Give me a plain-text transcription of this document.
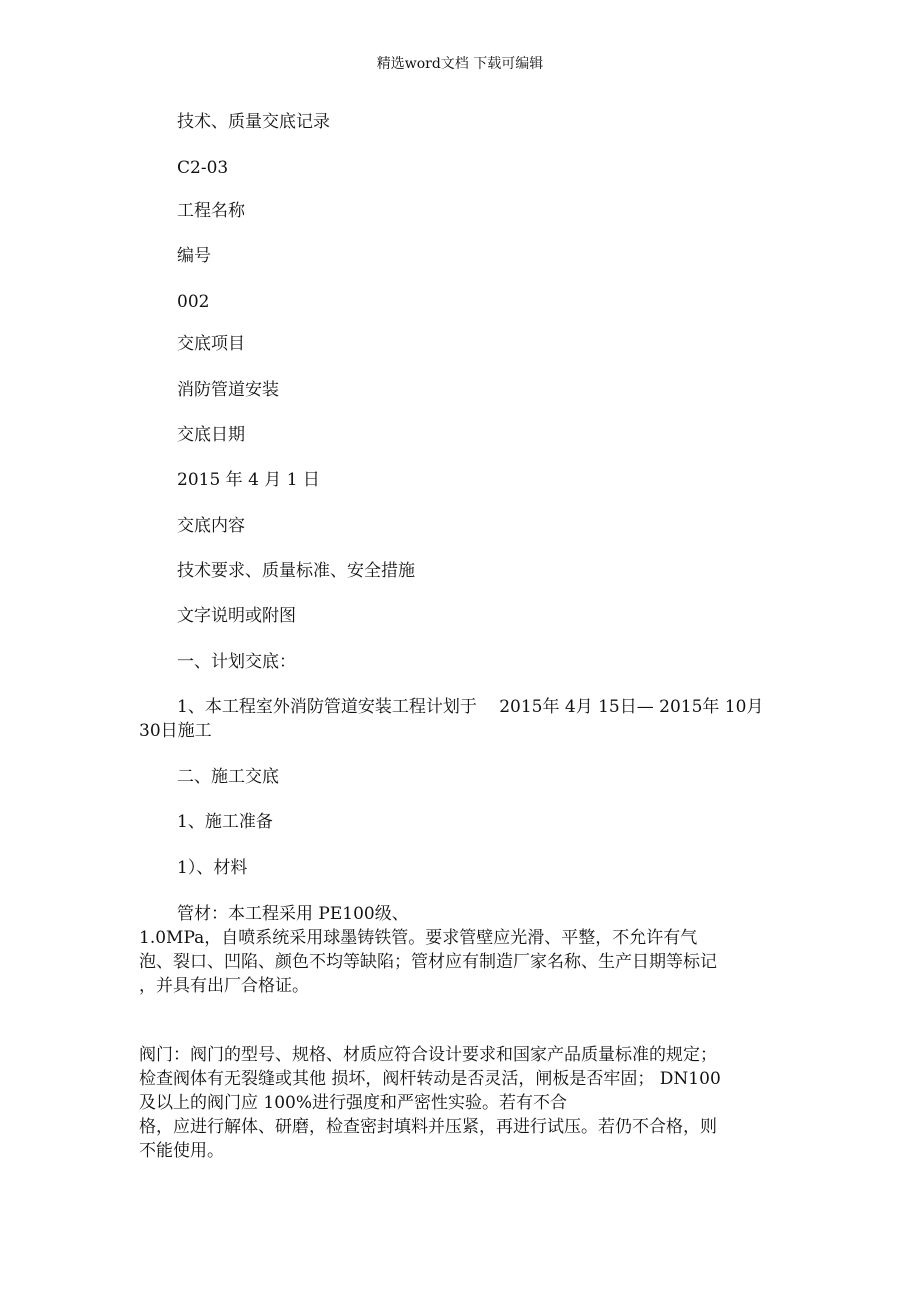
精选word文档 下载可编辑
技术、质量交底记录
C2-03
工程名称
编号
002
交底项目
消防管道安装
交底日期
2015 年 4 月 1 日
交底内容
技术要求、质量标准、安全措施
文字说明或附图
一、计划交底：
1、本工程室外消防管道安装工程计划于　 2015年 4月 15日— 2015年 10月
30日施工
二、施工交底
1、施工准备
1）、材料
管材：本工程采用 PE100级、
1.0MPa，自喷系统采用球墨铸铁管。要求管壁应光滑、平整，不允许有气
泡、裂口、凹陷、颜色不均等缺陷；管材应有制造厂家名称、生产日期等标记
，并具有出厂合格证。
阀门：阀门的型号、规格、材质应符合设计要求和国家产品质量标准的规定；
检查阀体有无裂缝或其他 损坏，阀杆转动是否灵活，闸板是否牢固； DN100
及以上的阀门应 100%进行强度和严密性实验。若有不合
格，应进行解体、研磨，检查密封填料并压紧，再进行试压。若仍不合格，则
不能使用。
